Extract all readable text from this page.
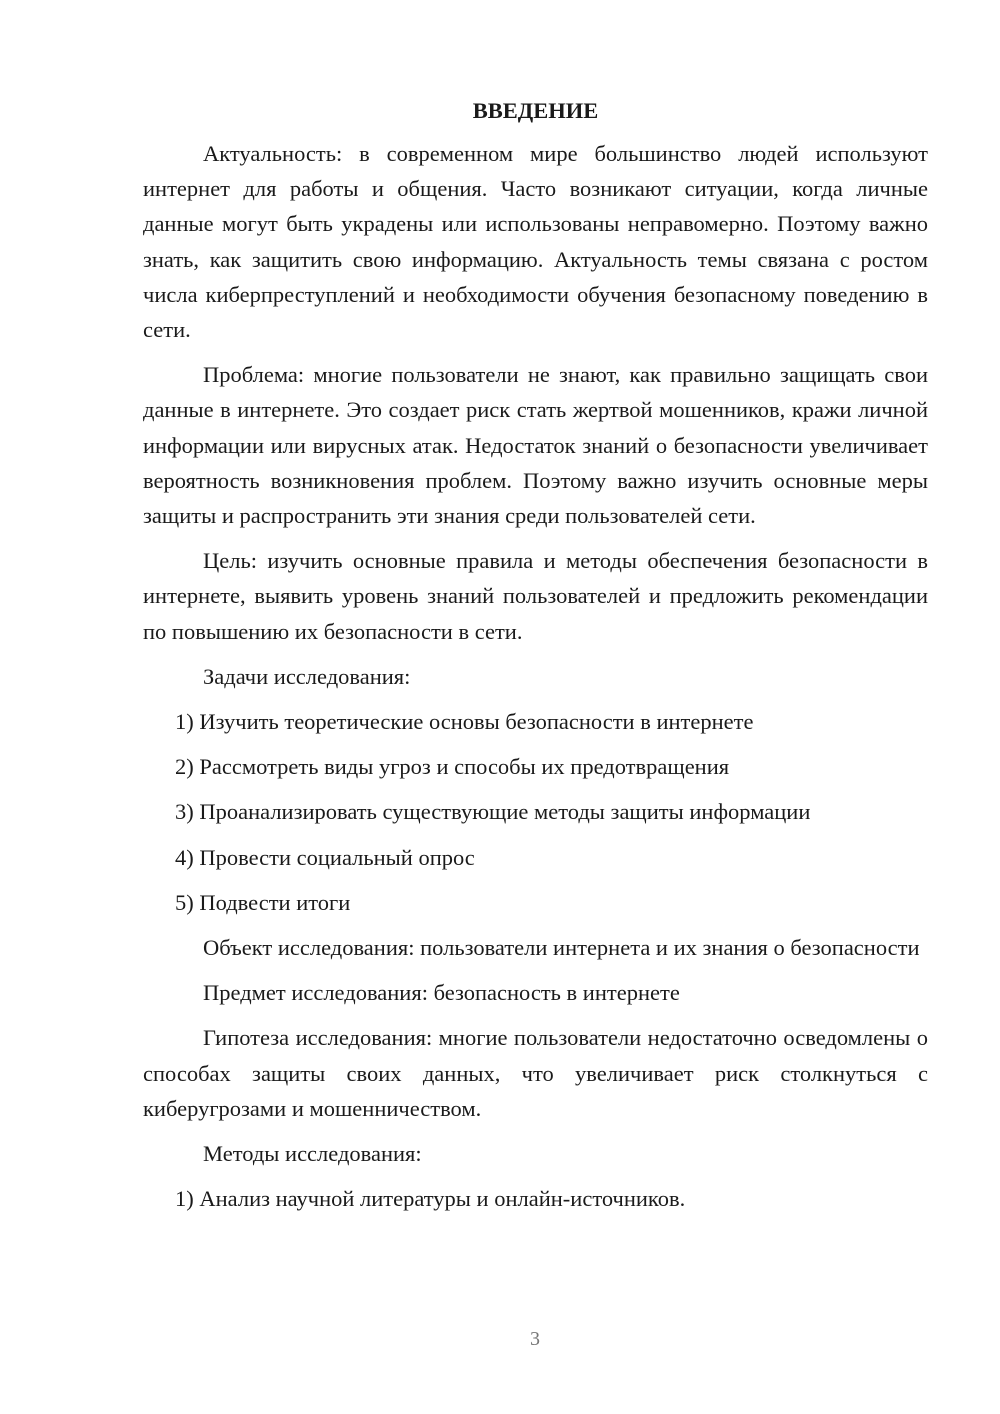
ВВЕДЕНИЕ

Актуальность: в современном мире большинство людей используют интернет для работы и общения. Часто возникают ситуации, когда личные данные могут быть украдены или использованы неправомерно. Поэтому важно знать, как защитить свою информацию. Актуальность темы связана с ростом числа киберпреступлений и необходимости обучения безопасному поведению в сети.

Проблема: многие пользователи не знают, как правильно защищать свои данные в интернете. Это создает риск стать жертвой мошенников, кражи личной информации или вирусных атак. Недостаток знаний о безопасности увеличивает вероятность возникновения проблем. Поэтому важно изучить основные меры защиты и распространить эти знания среди пользователей сети.

Цель: изучить основные правила и методы обеспечения безопасности в интернете, выявить уровень знаний пользователей и предложить рекомендации по повышению их безопасности в сети.

Задачи исследования:

1) Изучить теоретические основы безопасности в интернете
2) Рассмотреть виды угроз и способы их предотвращения
3) Проанализировать существующие методы защиты информации
4) Провести социальный опрос
5) Подвести итоги

Объект исследования: пользователи интернета и их знания о безопасности

Предмет исследования: безопасность в интернете

Гипотеза исследования: многие пользователи недостаточно осведомлены о способах защиты своих данных, что увеличивает риск столкнуться с киберугрозами и мошенничеством.

Методы исследования:

1) Анализ научной литературы и онлайн-источников.
3
